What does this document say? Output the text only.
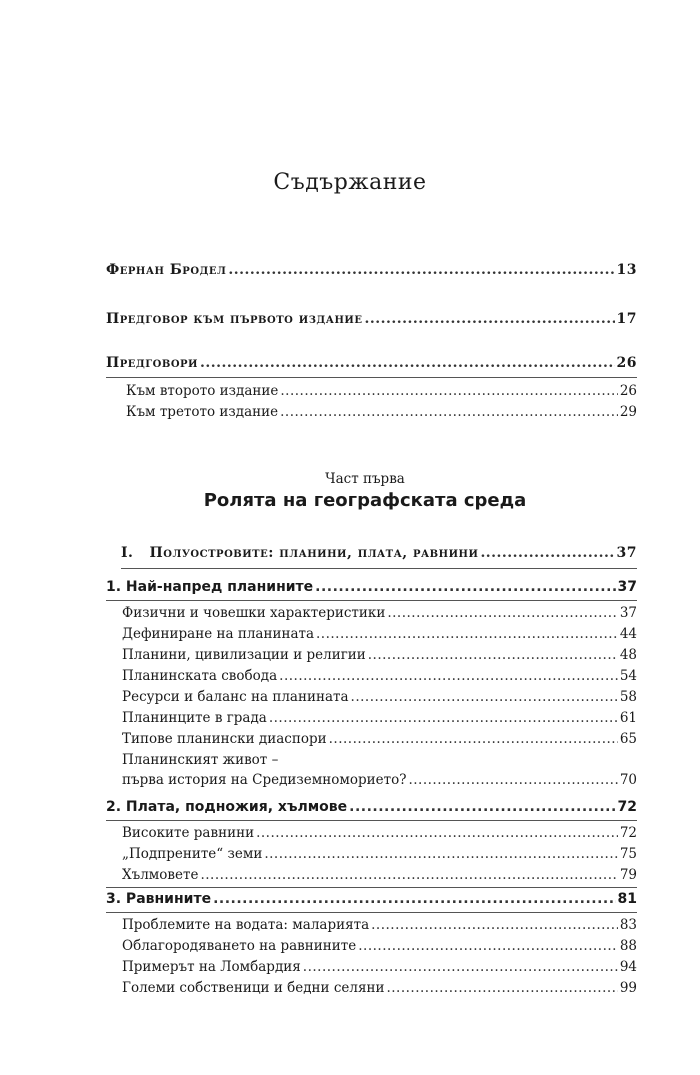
Съдържание
Фернан Бродел .....	13
Предговор към първото издание .....	17
Предговори .....	26
Към второто издание .....	26
Към третото издание .....	29
Част първа
Ролята на географската среда
I.   Полуостровите: планини, плата, равнини .....	37
1. Най-напред планините .....	37
Физични и човешки характеристики .....	37
Дефиниране на планината .....	44
Планини, цивилизации и религии .....	48
Планинската свобода .....	54
Ресурси и баланс на планината .....	58
Планинците в града .....	61
Типове планински диаспори .....	65
Планинският живот –
първа история на Средиземноморието? .....	70
2. Плата, подножия, хълмове .....	72
Високите равнини .....	72
„Подпрените“ земи .....	75
Хълмовете .....	79
3. Равнините .....	81
Проблемите на водата: маларията .....	83
Облагородяването на равнините .....	88
Примерът на Ломбардия .....	94
Големи собственици и бедни селяни .....	99
